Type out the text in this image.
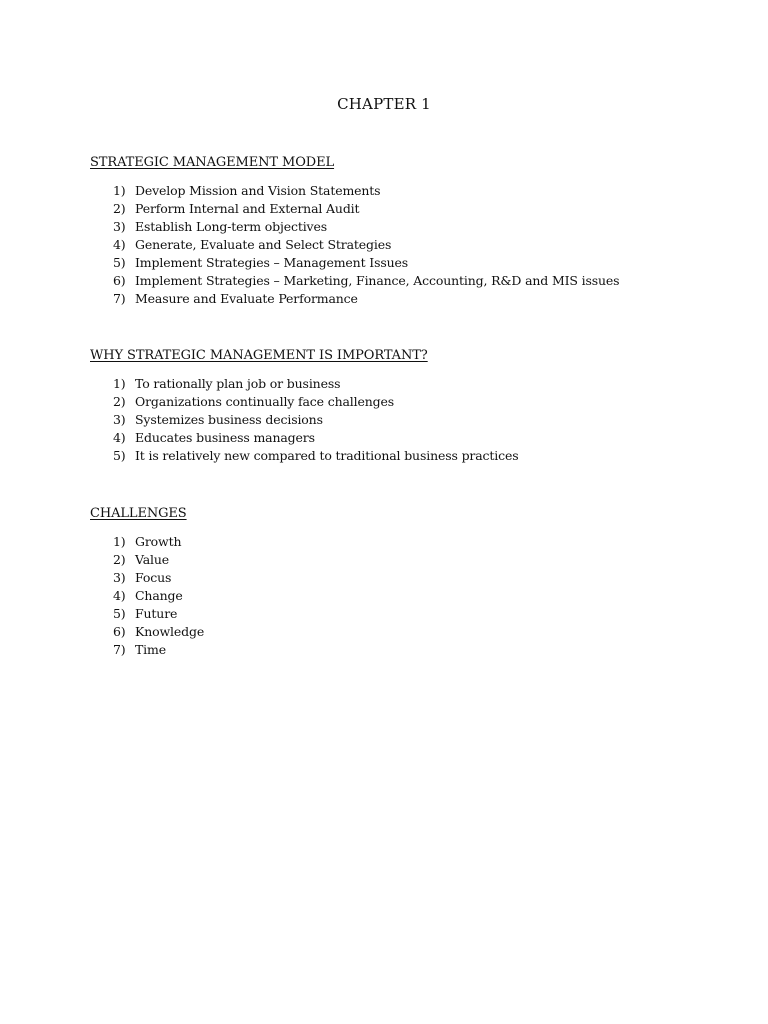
CHAPTER 1
STRATEGIC MANAGEMENT MODEL
1) Develop Mission and Vision Statements
2) Perform Internal and External Audit
3) Establish Long-term objectives
4) Generate, Evaluate and Select Strategies
5) Implement Strategies – Management Issues
6) Implement Strategies – Marketing, Finance, Accounting, R&D and MIS issues
7) Measure and Evaluate Performance
WHY STRATEGIC MANAGEMENT IS IMPORTANT?
1) To rationally plan job or business
2) Organizations continually face challenges
3) Systemizes business decisions
4) Educates business managers
5) It is relatively new compared to traditional business practices
CHALLENGES
1) Growth
2) Value
3) Focus
4) Change
5) Future
6) Knowledge
7) Time
